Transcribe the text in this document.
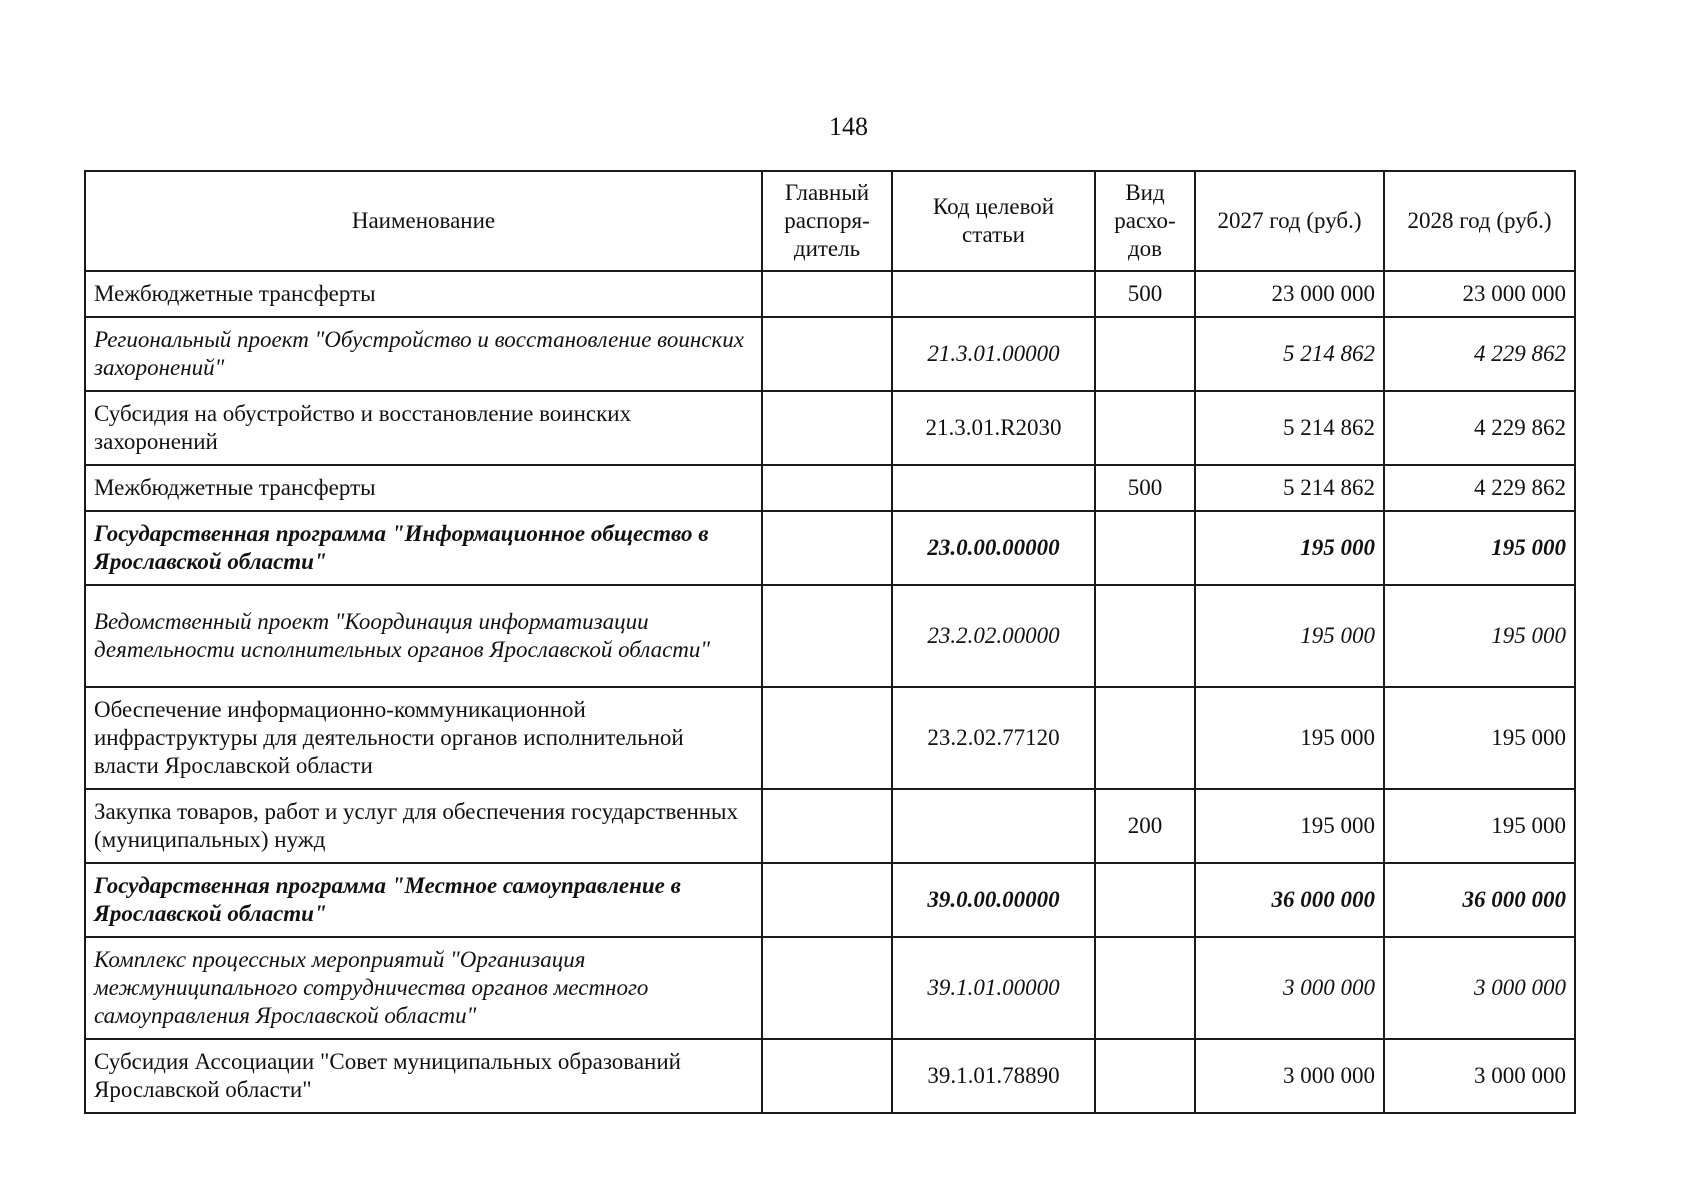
148
Наименование	Главный распоря-дитель	Код целевой статьи	Вид расхо-дов	2027 год (руб.)	2028 год (руб.)
Межбюджетные трансферты			500	23 000 000	23 000 000
Региональный проект "Обустройство и восстановление воинских захоронений"		21.3.01.00000		5 214 862	4 229 862
Субсидия на обустройство и восстановление воинских захоронений		21.3.01.R2030		5 214 862	4 229 862
Межбюджетные трансферты			500	5 214 862	4 229 862
Государственная программа "Информационное общество в Ярославской области"		23.0.00.00000		195 000	195 000
Ведомственный проект "Координация информатизации деятельности исполнительных органов Ярославской области"		23.2.02.00000		195 000	195 000
Обеспечение информационно-коммуникационной инфраструктуры для деятельности органов исполнительной власти Ярославской области		23.2.02.77120		195 000	195 000
Закупка товаров, работ и услуг для обеспечения государственных (муниципальных) нужд			200	195 000	195 000
Государственная программа "Местное самоуправление в Ярославской области"		39.0.00.00000		36 000 000	36 000 000
Комплекс процессных мероприятий "Организация межмуниципального сотрудничества органов местного самоуправления Ярославской области"		39.1.01.00000		3 000 000	3 000 000
Субсидия Ассоциации "Совет муниципальных образований Ярославской области"		39.1.01.78890		3 000 000	3 000 000
